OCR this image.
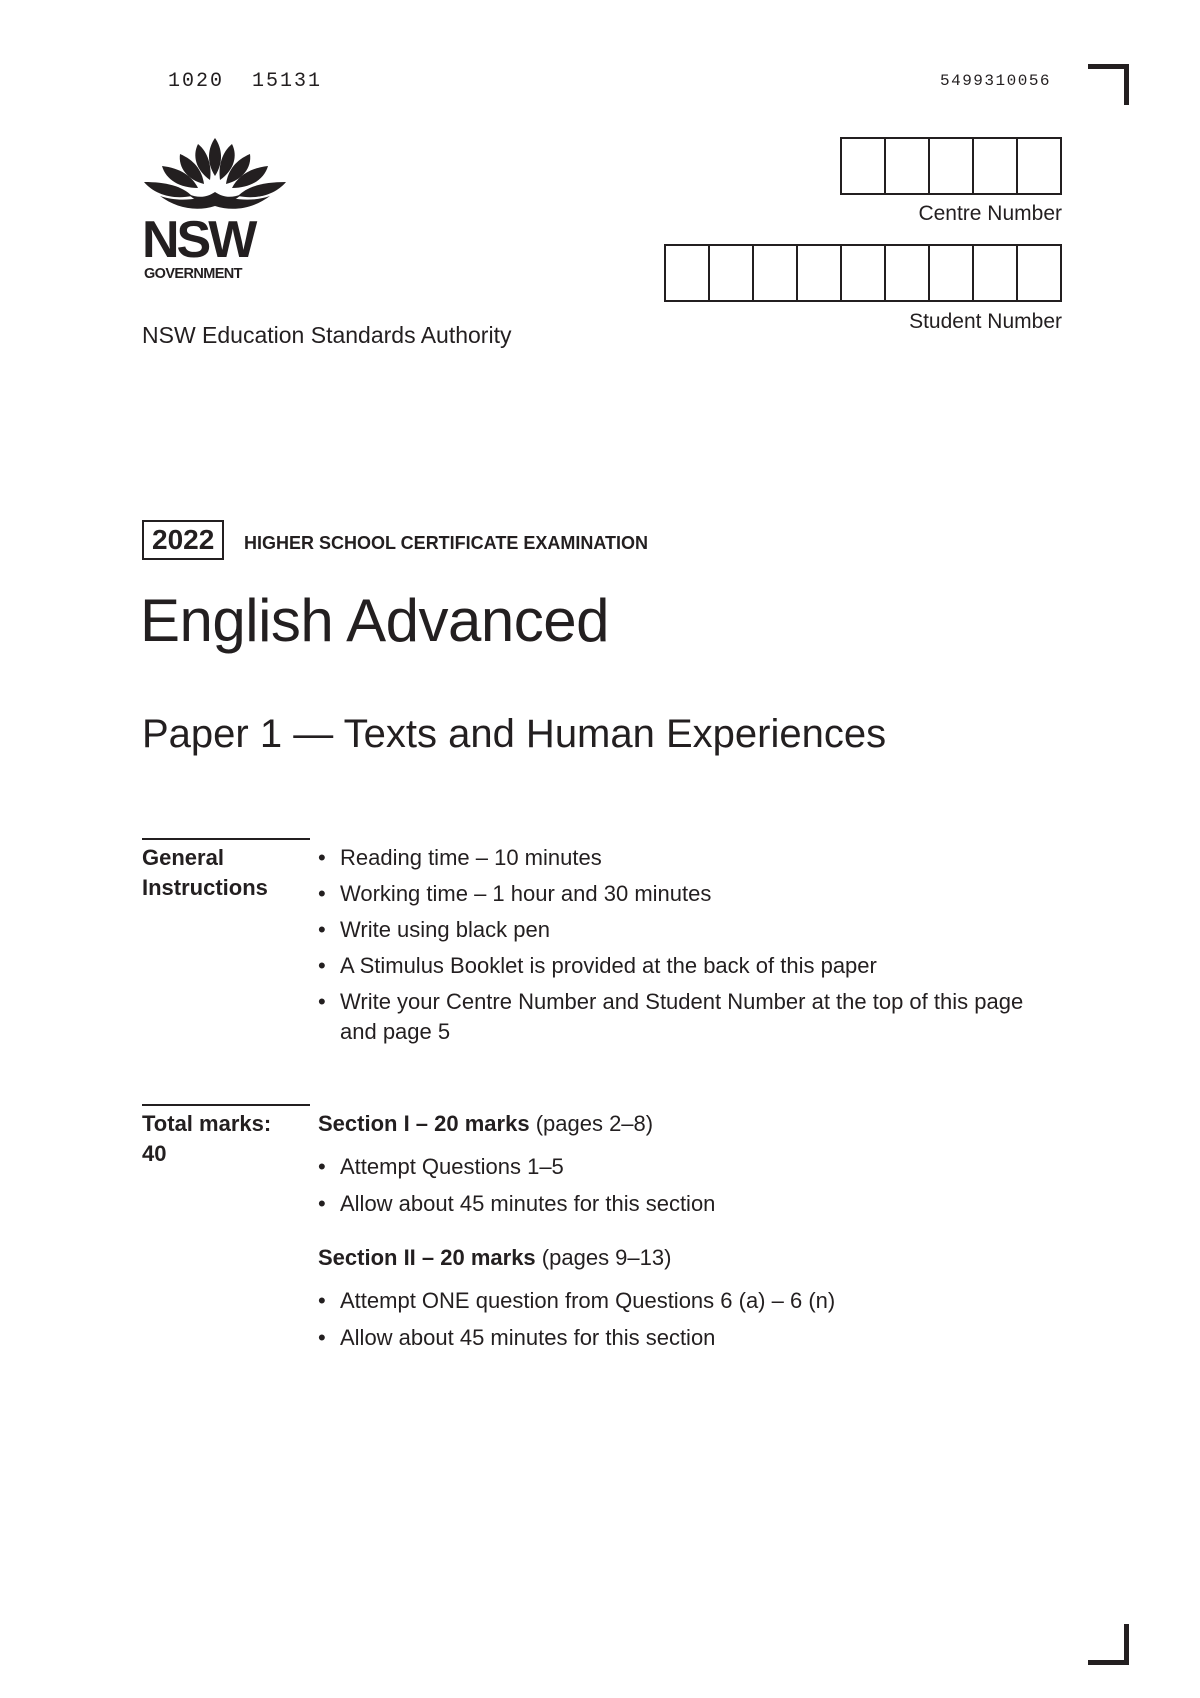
1020  15131	5499310056
NSW
GOVERNMENT
NSW Education Standards Authority
Centre Number
Student Number
2022	HIGHER SCHOOL CERTIFICATE EXAMINATION
English Advanced
Paper 1 — Texts and Human Experiences
General
Instructions
• Reading time – 10 minutes
• Working time – 1 hour and 30 minutes
• Write using black pen
• A Stimulus Booklet is provided at the back of this paper
• Write your Centre Number and Student Number at the top of this page and page 5
Total marks:
40
Section I – 20 marks (pages 2–8)
• Attempt Questions 1–5
• Allow about 45 minutes for this section
Section II – 20 marks (pages 9–13)
• Attempt ONE question from Questions 6 (a) – 6 (n)
• Allow about 45 minutes for this section
